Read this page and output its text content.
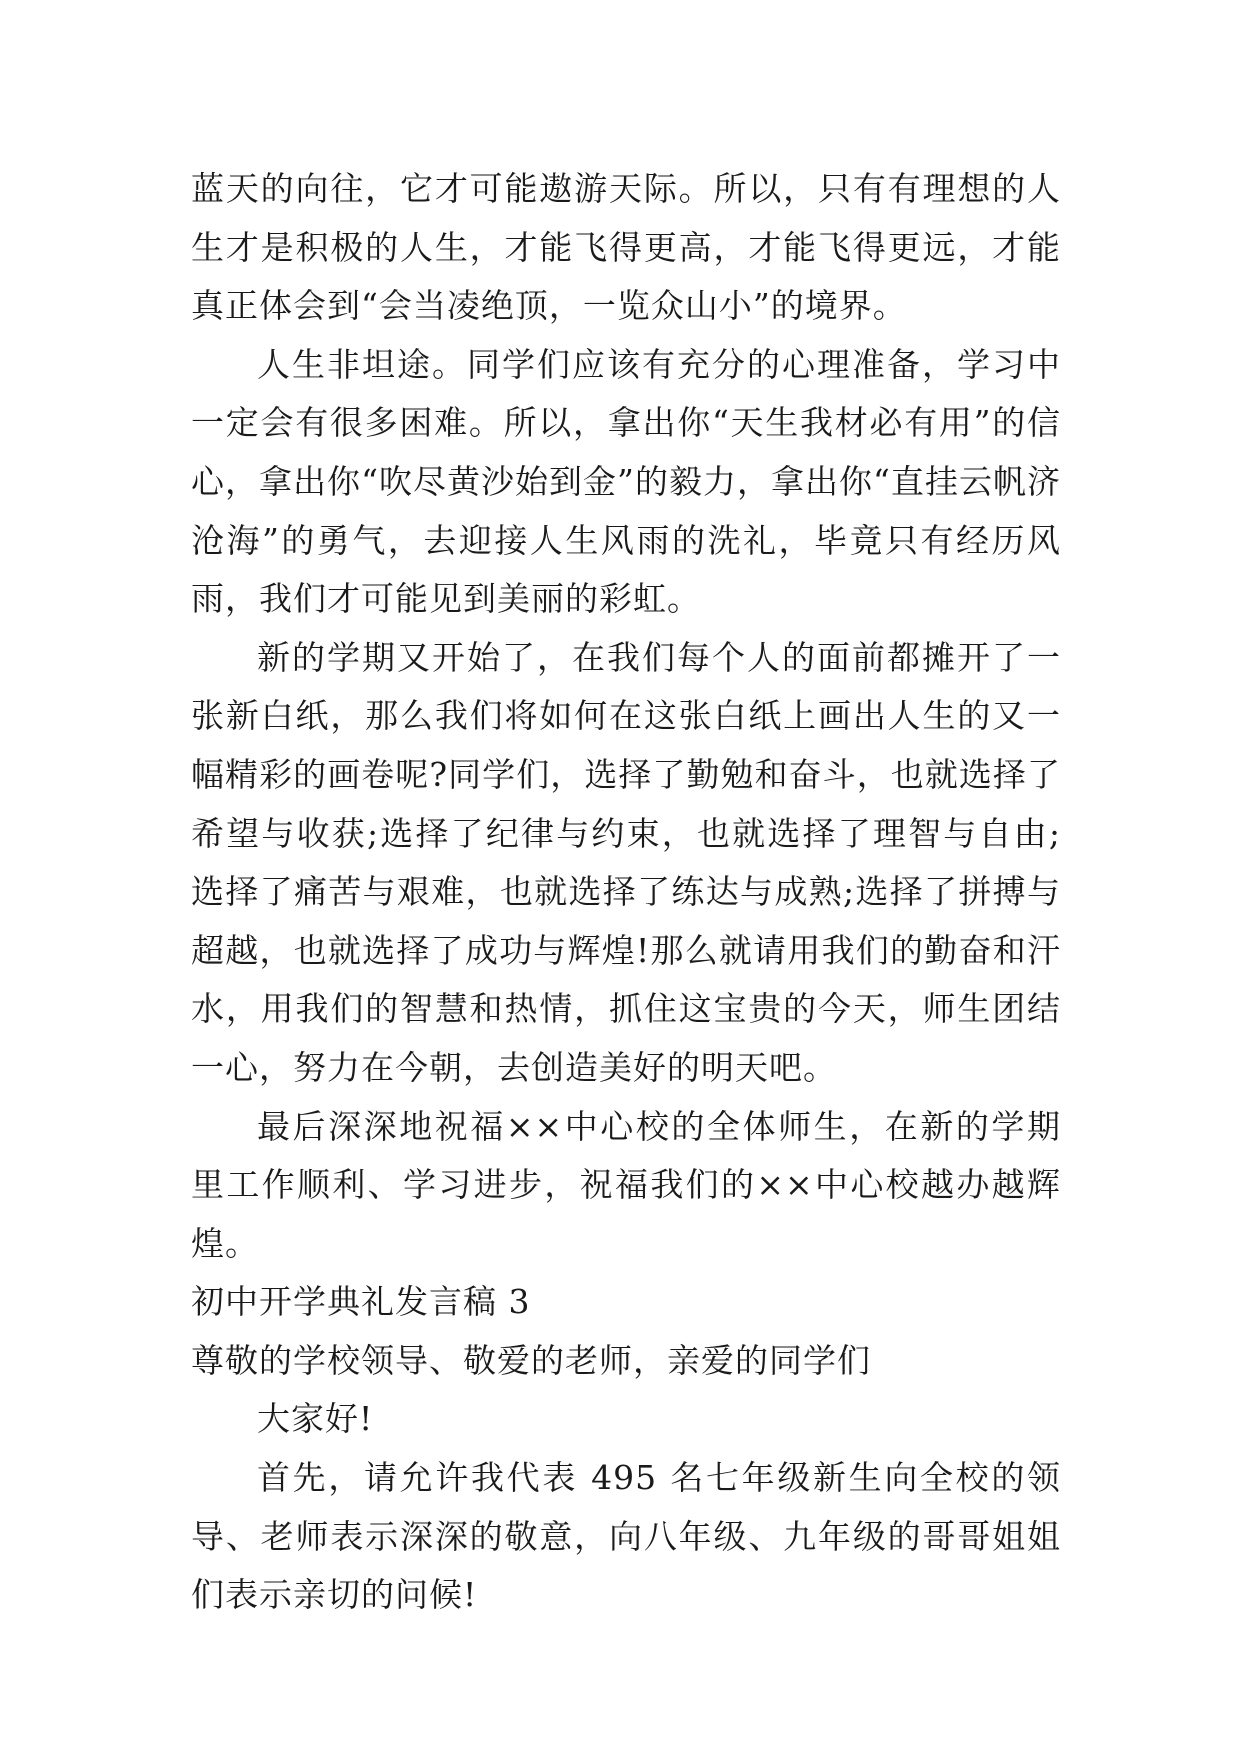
蓝天的向往，它才可能遨游天际。所以，只有有理想的人生才是积极的人生，才能飞得更高，才能飞得更远，才能真正体会到“会当凌绝顶，一览众山小”的境界。

人生非坦途。同学们应该有充分的心理准备，学习中一定会有很多困难。所以，拿出你“天生我材必有用”的信心，拿出你“吹尽黄沙始到金”的毅力，拿出你“直挂云帆济沧海”的勇气，去迎接人生风雨的洗礼，毕竟只有经历风雨，我们才可能见到美丽的彩虹。

新的学期又开始了，在我们每个人的面前都摊开了一张新白纸，那么我们将如何在这张白纸上画出人生的又一幅精彩的画卷呢?同学们，选择了勤勉和奋斗，也就选择了希望与收获;选择了纪律与约束，也就选择了理智与自由;选择了痛苦与艰难，也就选择了练达与成熟;选择了拼搏与超越，也就选择了成功与辉煌!那么就请用我们的勤奋和汗水，用我们的智慧和热情，抓住这宝贵的今天，师生团结一心，努力在今朝，去创造美好的明天吧。

最后深深地祝福××中心校的全体师生，在新的学期里工作顺利、学习进步，祝福我们的××中心校越办越辉煌。

初中开学典礼发言稿 3

尊敬的学校领导、敬爱的老师，亲爱的同学们

大家好!

首先，请允许我代表 495 名七年级新生向全校的领导、老师表示深深的敬意，向八年级、九年级的哥哥姐姐们表示亲切的问候!
